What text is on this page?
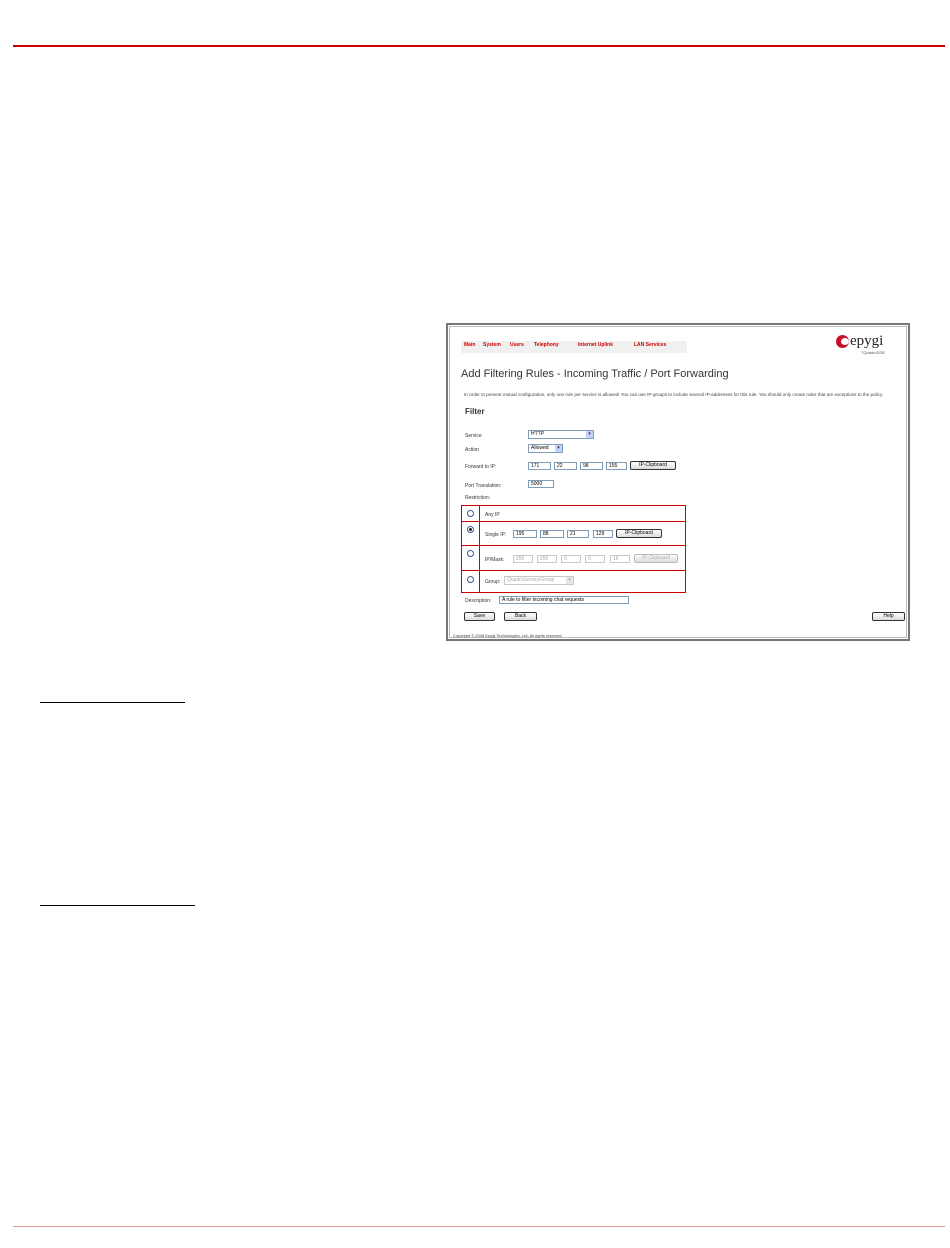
Main System Users Telephony	Internet Uplink	LAN Services	epygi
TQuadro2/3E
Add Filtering Rules - Incoming Traffic / Port Forwarding
In order to prevent mutual configuration, only one rule per service is allowed! You can use IP-groups to include several IP-addresses for this rule. You should only create rules that are exceptions to the policy.
Filter
Service	HTTP	▾
Action	Allowed	▾
Forward to IP:	171	22	98	155	IP-Clipboard
Port Translation:	5000
Restriction:
Any IP
Single IP:	195	88	21	129	IP-Clipboard
IP/Mask:	255	255	0	0	16	IP-Clipboard
Group:	QuadroServiceGroup	▾
Description:	A rule to filter incoming chat requests
Save	Back	Help
Copyright © 2008 Epygi Technologies, Ltd. All rights reserved.
